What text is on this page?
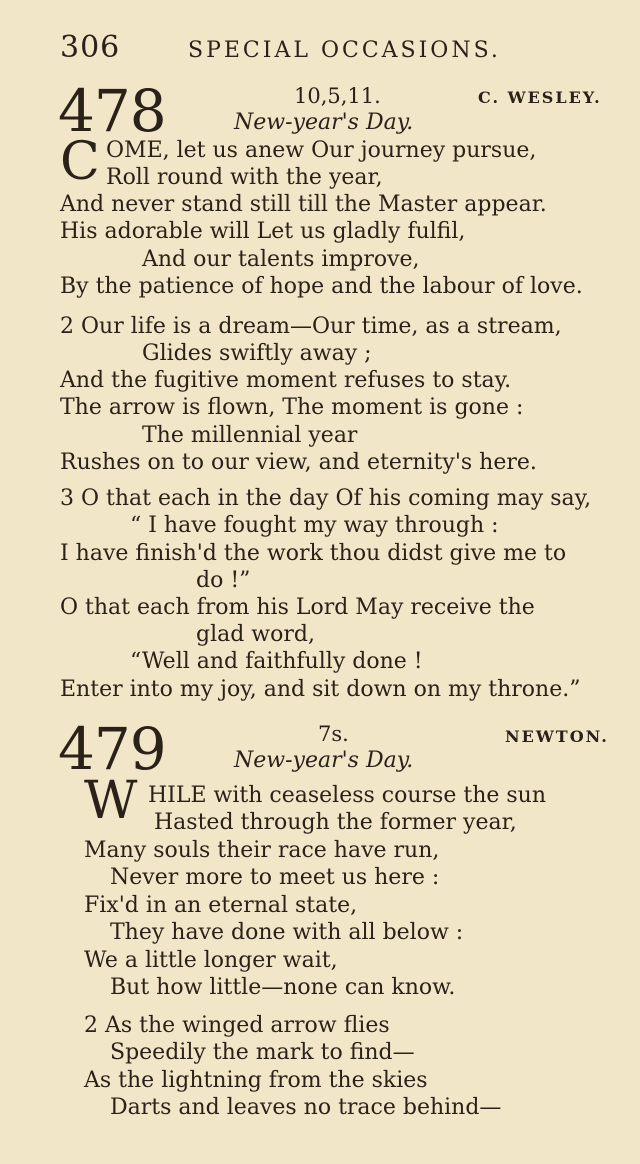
306	SPECIAL OCCASIONS.
478	10,5,11.	C. WESLEY.
New-year's Day.
C OME, let us anew Our journey pursue,
Roll round with the year,
And never stand still till the Master appear.
His adorable will Let us gladly fulfil,
And our talents improve,
By the patience of hope and the labour of love.
2 Our life is a dream—Our time, as a stream,
Glides swiftly away ;
And the fugitive moment refuses to stay.
The arrow is flown, The moment is gone :
The millennial year
Rushes on to our view, and eternity's here.
3 O that each in the day Of his coming may say,
“ I have fought my way through :
I have finish'd the work thou didst give me to
do !”
O that each from his Lord May receive the
glad word,
“Well and faithfully done !
Enter into my joy, and sit down on my throne.”
479	7s.	NEWTON.
New-year's Day.
W HILE with ceaseless course the sun
Hasted through the former year,
Many souls their race have run,
Never more to meet us here :
Fix'd in an eternal state,
They have done with all below :
We a little longer wait,
But how little—none can know.
2 As the winged arrow flies
Speedily the mark to find—
As the lightning from the skies
Darts and leaves no trace behind—
